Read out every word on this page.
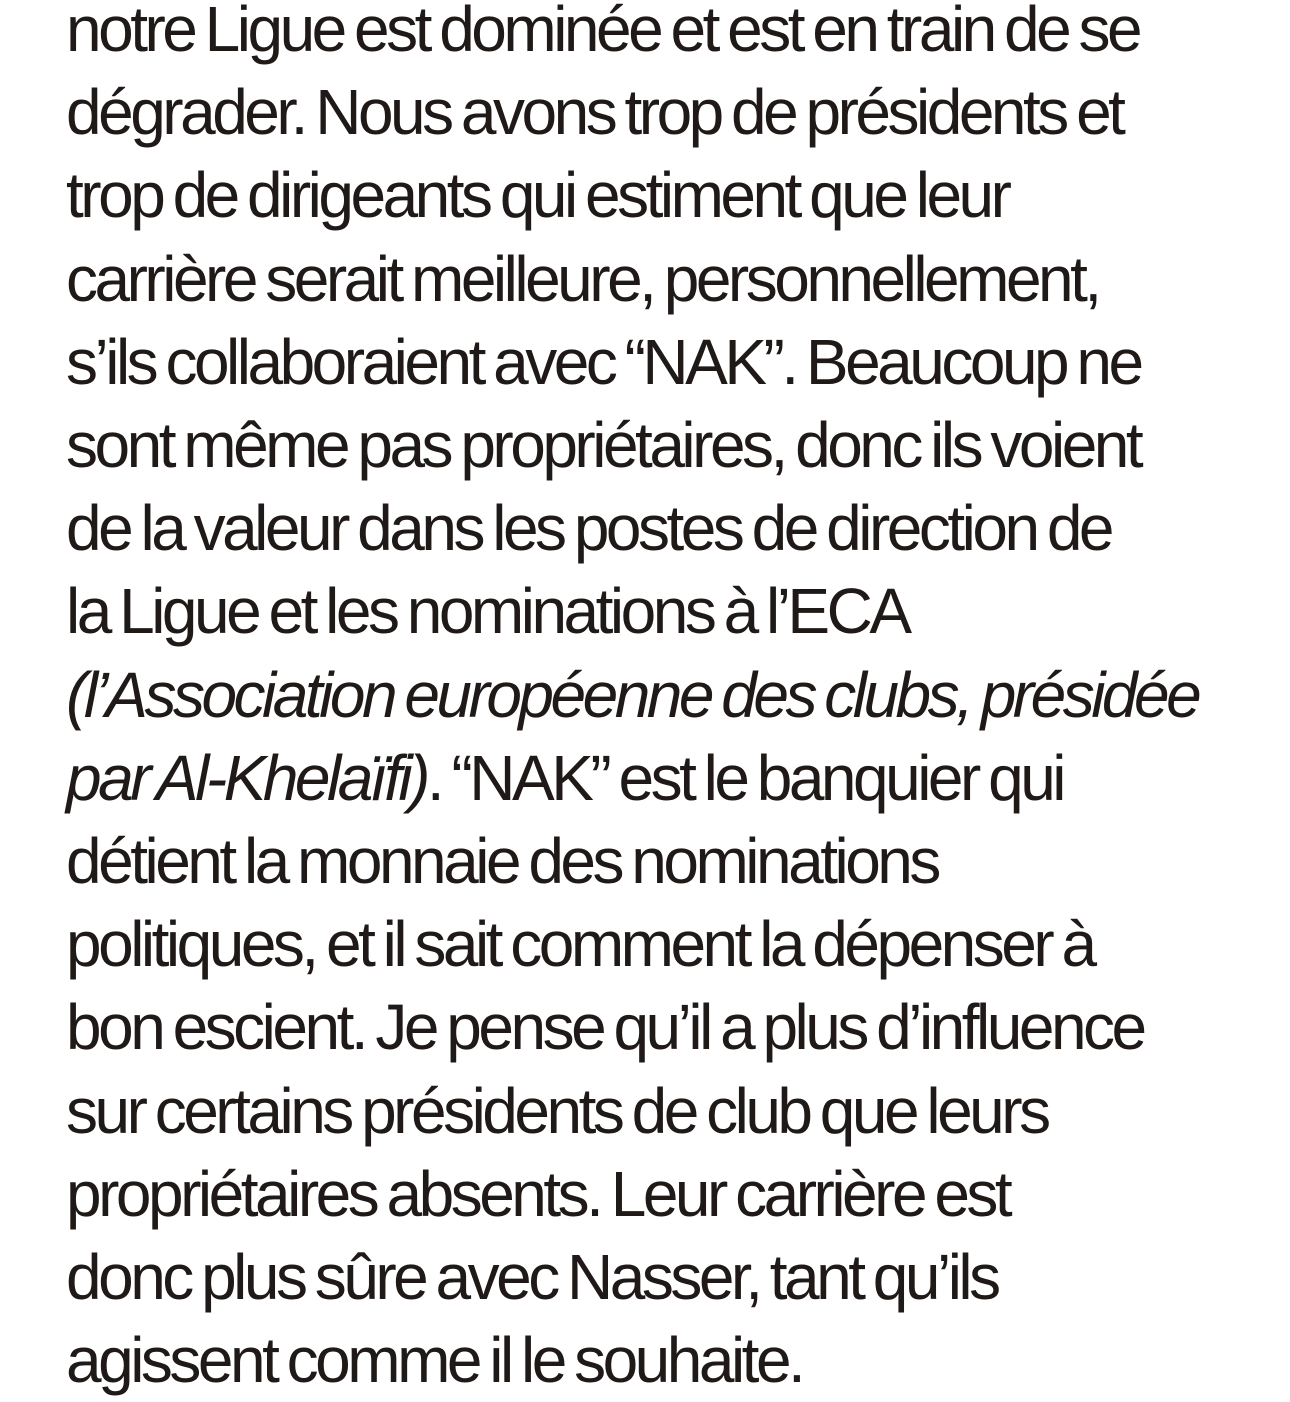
notre Ligue est dominée et est en train de se
dégrader. Nous avons trop de présidents et
trop de dirigeants qui estiment que leur
carrière serait meilleure, personnellement,
s’ils collaboraient avec “NAK”. Beaucoup ne
sont même pas propriétaires, donc ils voient
de la valeur dans les postes de direction de
la Ligue et les nominations à l’ECA
(l’Association européenne des clubs, présidée
par Al-Khelaïfi). “NAK” est le banquier qui
détient la monnaie des nominations
politiques, et il sait comment la dépenser à
bon escient. Je pense qu’il a plus d’influence
sur certains présidents de club que leurs
propriétaires absents. Leur carrière est
donc plus sûre avec Nasser, tant qu’ils
agissent comme il le souhaite.
